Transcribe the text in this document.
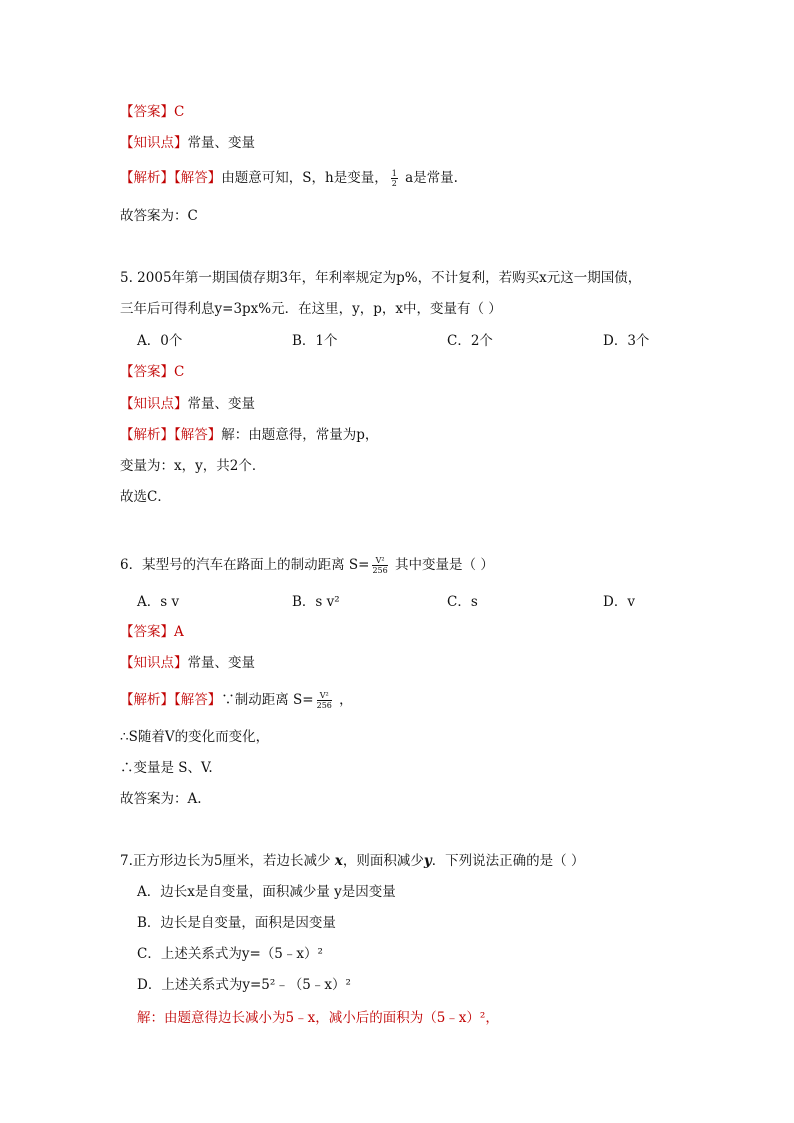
【答案】C
【知识点】常量、变量
【解析】【解答】由题意可知，S，h是变量， $\frac{1}{2}$ a是常量.
故答案为：C
5. 2005年第一期国债存期3年，年利率规定为p%，不计复利，若购买x元这一期国债，
三年后可得利息y=3px%元．在这里，y，p，x中，变量有（ ）
A．0个	B．1个	C．2个	D．3个
【答案】C
【知识点】常量、变量
【解析】【解答】解：由题意得，常量为p，
变量为：x，y，共2个．
故选C．
6．某型号的汽车在路面上的制动距离 $S= \frac{\text{V²}}{256}$ 其中变量是（ ）
A．s v	B．s v²	C．s	D．v
【答案】A
【知识点】常量、变量
【解析】【解答】∵制动距离 $S= \frac{\text{V²}}{256}$ ，
∴S随着V的变化而变化，
∴变量是 S、V.
故答案为：A.
7.正方形边长为5厘米，若边长减少 x，则面积减少y．下列说法正确的是（ ）
A．边长x是自变量，面积减少量 y是因变量
B．边长是自变量，面积是因变量
C．上述关系式为y=（5﹣x）²
D．上述关系式为y=5²﹣（5﹣x）²
解：由题意得边长减小为5﹣x，减小后的面积为（5﹣x）²，
